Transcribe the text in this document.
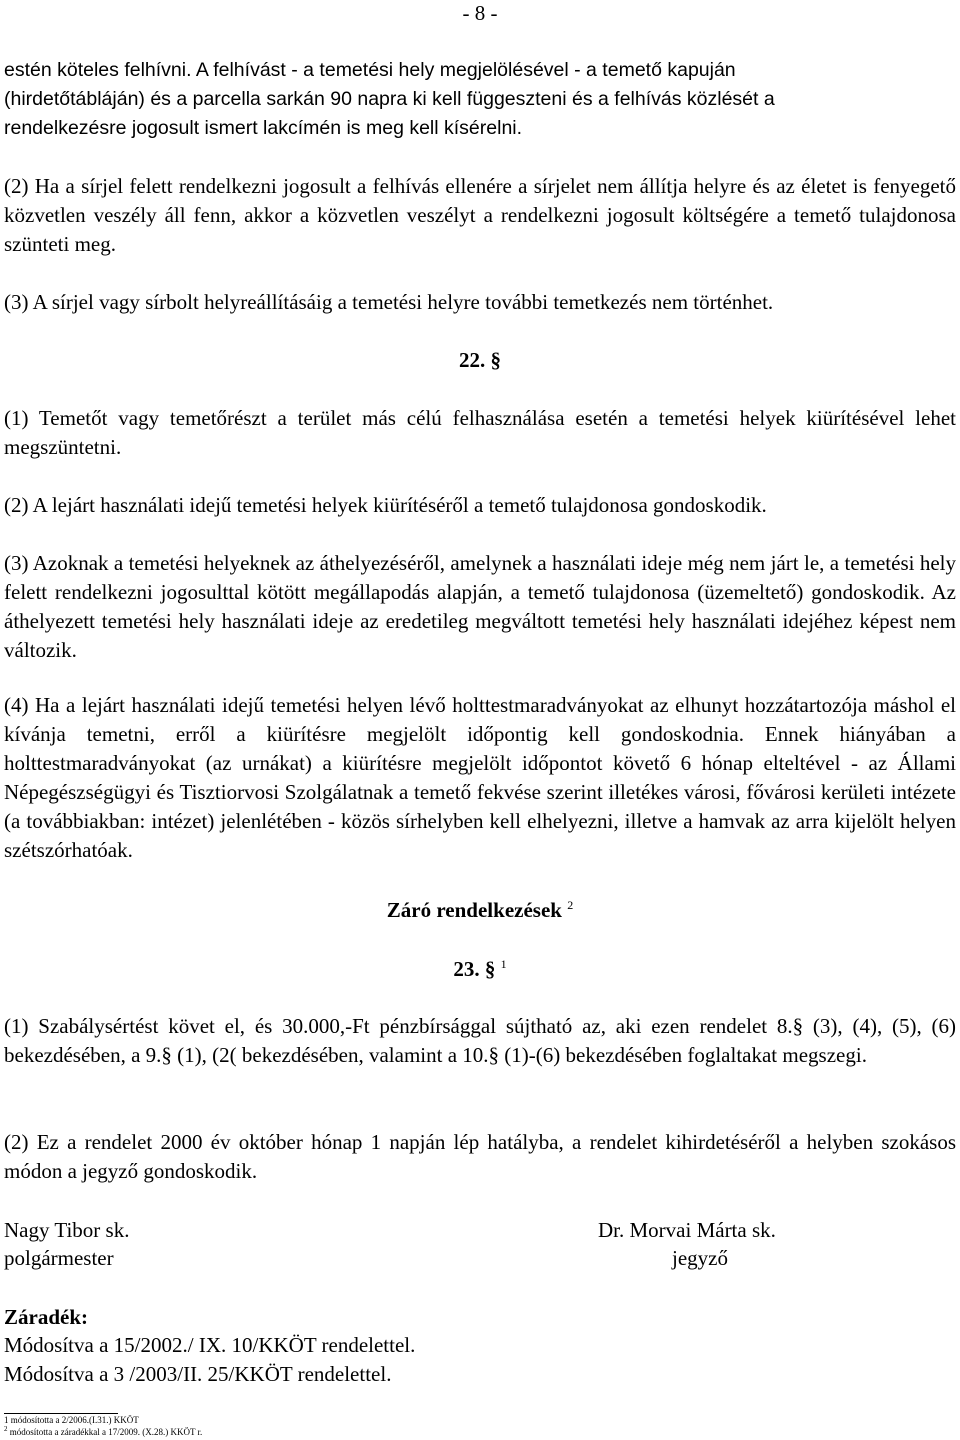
- 8 -
estén köteles felhívni. A felhívást - a temetési hely megjelölésével - a temető kapuján
(hirdetőtábláján) és a parcella sarkán 90 napra ki kell függeszteni és a felhívás közlését a
rendelkezésre jogosult ismert lakcímén is meg kell kísérelni.

(2) Ha a sírjel felett rendelkezni jogosult a felhívás ellenére a sírjelet nem állítja helyre és az életet is fenyegető közvetlen veszély áll fenn, akkor a közvetlen veszélyt a rendelkezni jogosult költségére a temető tulajdonosa szünteti meg.

(3) A sírjel vagy sírbolt helyreállításáig a temetési helyre további temetkezés nem történhet.

22. §

(1) Temetőt vagy temetőrészt a terület más célú felhasználása esetén a temetési helyek kiürítésével lehet megszüntetni.

(2) A lejárt használati idejű temetési helyek kiürítéséről a temető tulajdonosa gondoskodik.

(3) Azoknak a temetési helyeknek az áthelyezéséről, amelynek a használati ideje még nem járt le, a temetési hely felett rendelkezni jogosulttal kötött megállapodás alapján, a temető tulajdonosa (üzemeltető) gondoskodik. Az áthelyezett temetési hely használati ideje az eredetileg megváltott temetési hely használati idejéhez képest nem változik.

(4) Ha a lejárt használati idejű temetési helyen lévő holttestmaradványokat az elhunyt hozzátartozója máshol el kívánja temetni, erről a kiürítésre megjelölt időpontig kell gondoskodnia. Ennek hiányában a holttestmaradványokat (az urnákat) a kiürítésre megjelölt időpontot követő 6 hónap elteltével - az Állami Népegészségügyi és Tisztiorvosi Szolgálatnak a temető fekvése szerint illetékes városi, fővárosi kerületi intézete (a továbbiakban: intézet) jelenlétében - közös sírhelyben kell elhelyezni, illetve a hamvak az arra kijelölt helyen szétszórhatóak.

Záró rendelkezések $^2$
23. § $^1$

(1) Szabálysértést követ el, és 30.000,-Ft pénzbírsággal sújtható az, aki ezen rendelet 8.§ (3), (4), (5), (6) bekezdésében, a 9.§ (1), (2( bekezdésében, valamint a 10.§ (1)-(6) bekezdésében foglaltakat megszegi.

(2) Ez a rendelet 2000 év október hónap 1 napján lép hatályba, a rendelet kihirdetéséről a helyben szokásos módon a jegyző gondoskodik.

Nagy Tibor sk.
polgármester
Dr. Morvai Márta sk.
jegyző
Záradék:
Módosítva a 15/2002./ IX. 10/KKÖT rendelettel.
Módosítva a 3 /2003/II. 25/KKÖT rendelettel.
1 módosította a 2/2006.(I.31.) KKÖT
$^2$ módosította a záradékkal a 17/2009. (X.28.) KKÖT r.
